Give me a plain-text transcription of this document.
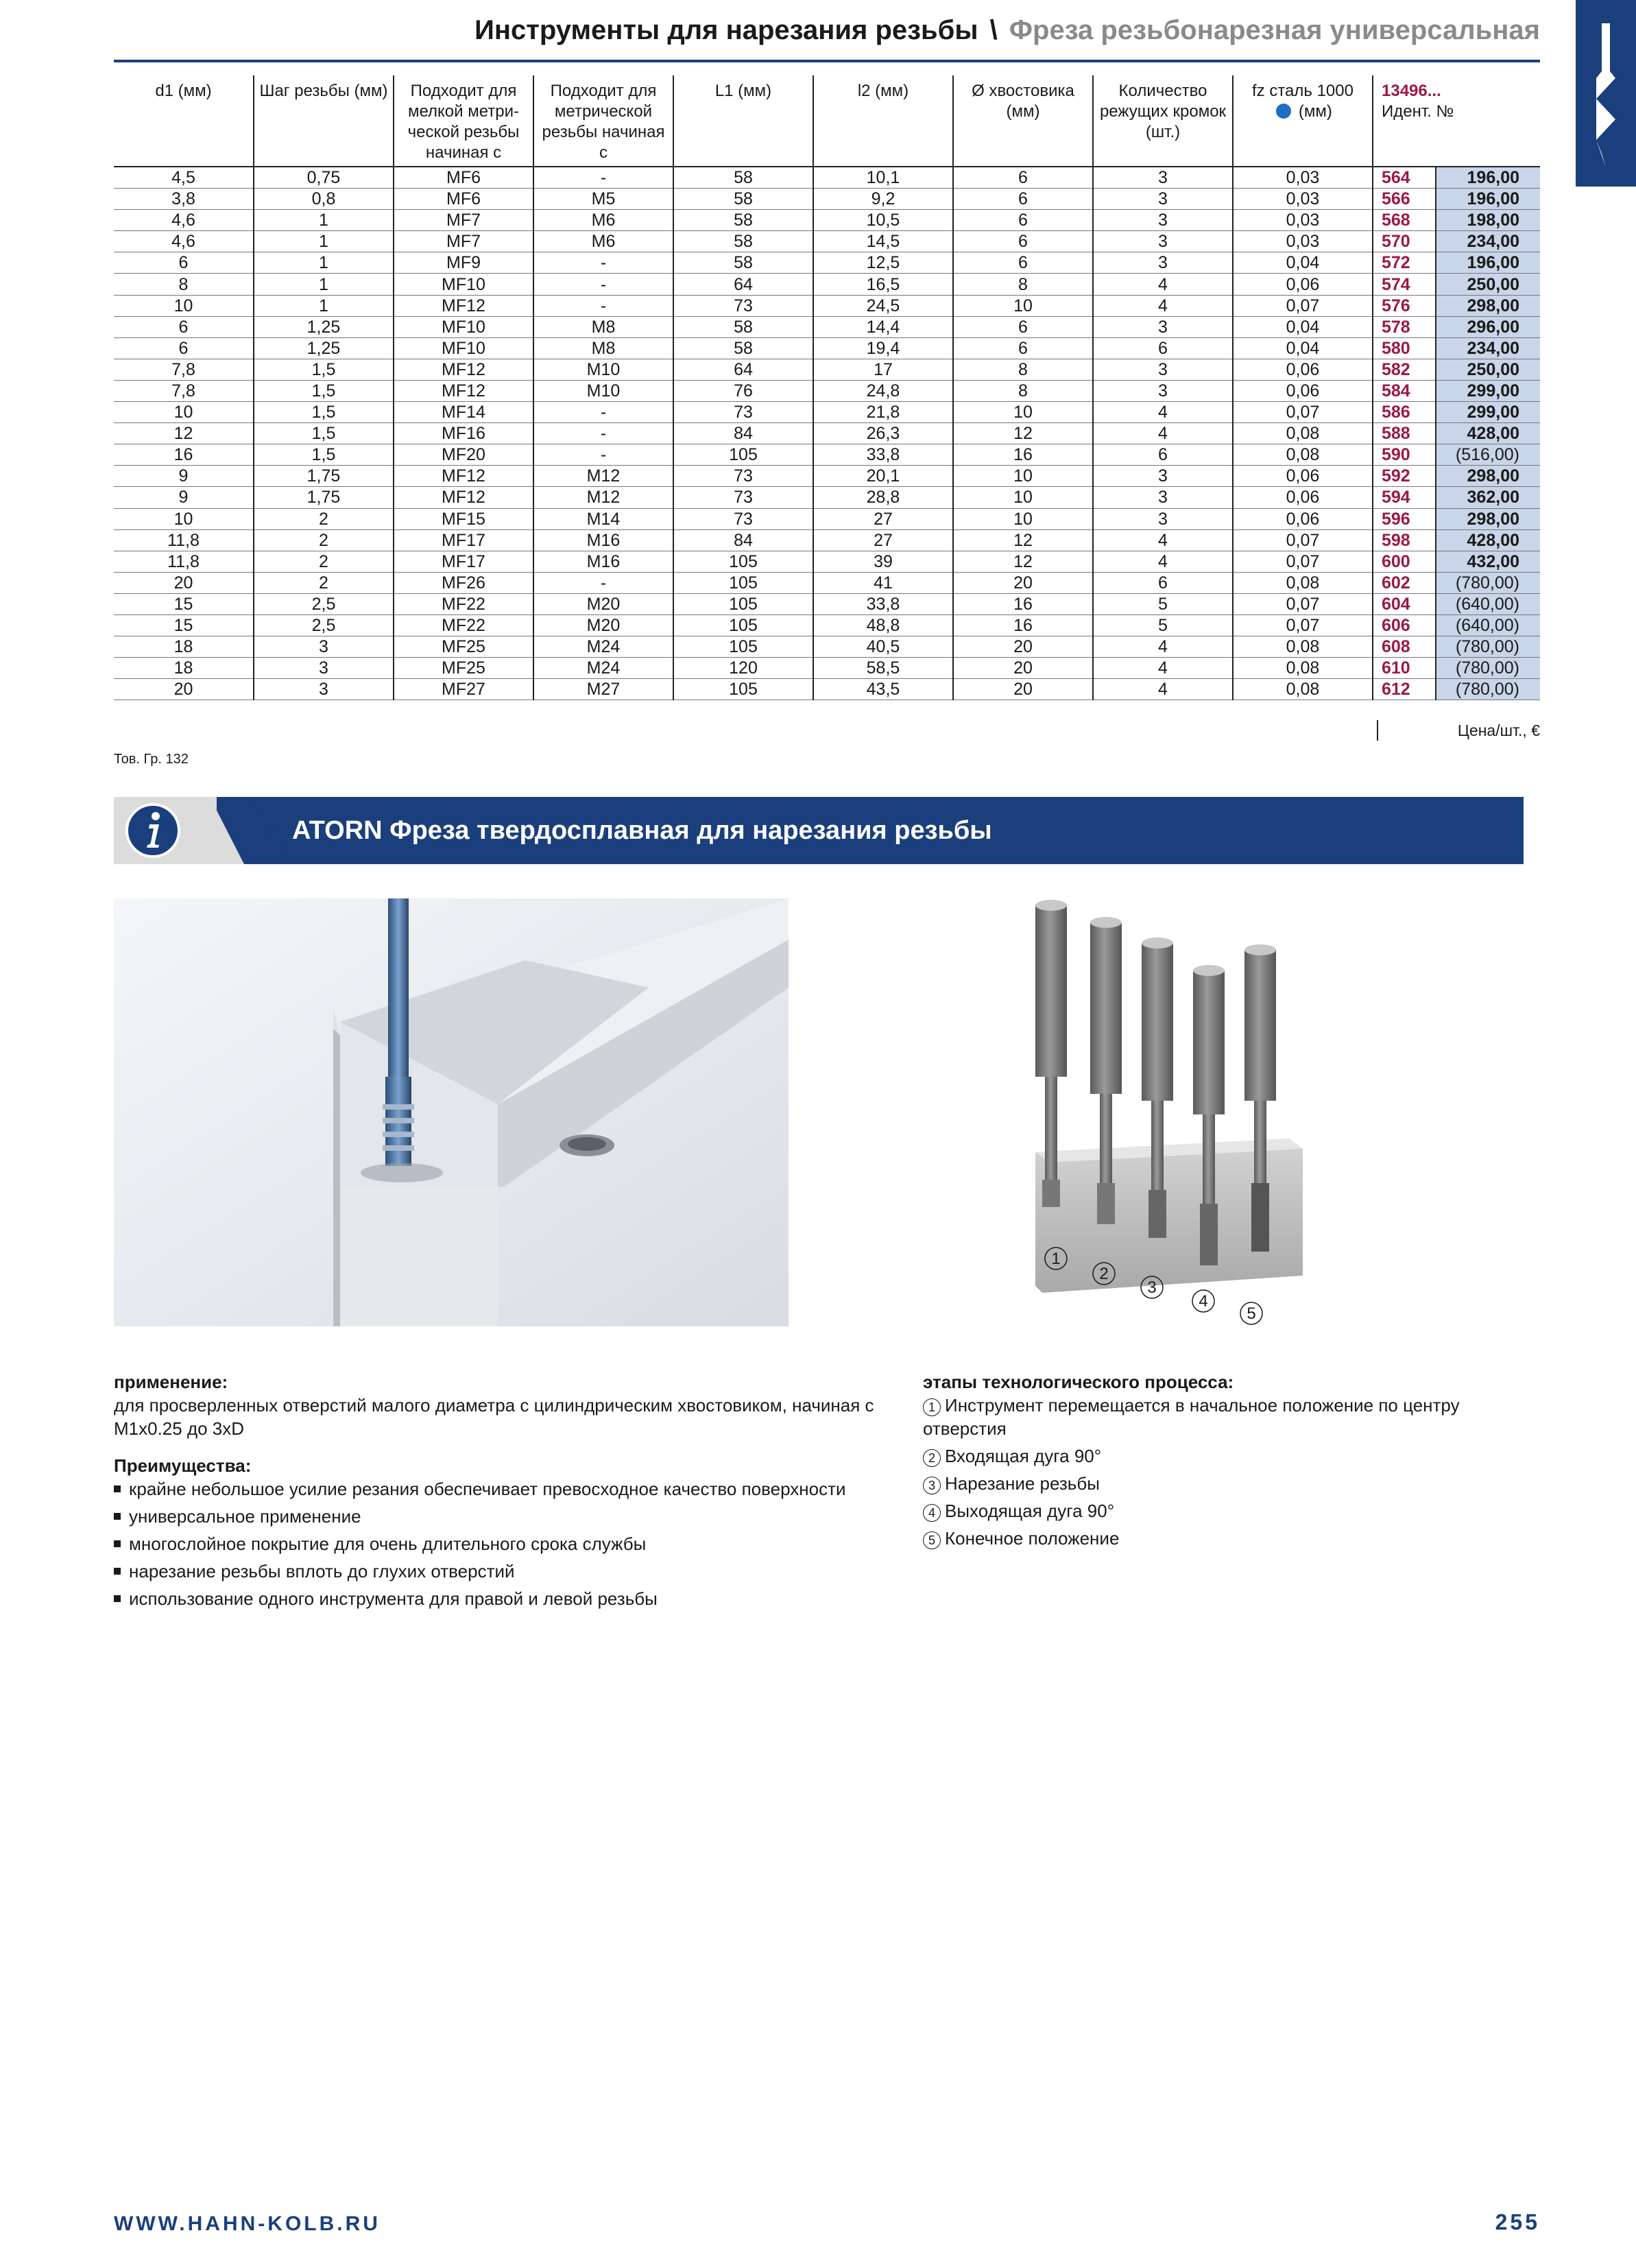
Инструменты для нарезания резьбы \ Фреза резьбонарезная универсальная
d1 (мм)	Шаг резьбы (мм)	Подходит для мелкой метри-ческой резьбы начиная с	Подходит для метрической резьбы начиная с	L1 (мм)	l2 (мм)	Ø хвостовика (мм)	Количество режущих кромок (шт.)	fz сталь 1000
(мм)	13496...
Идент. №	
4,5	0,75	MF6	-	58	10,1	6	3	0,03	564	196,00
3,8	0,8	MF6	M5	58	9,2	6	3	0,03	566	196,00
4,6	1	MF7	M6	58	10,5	6	3	0,03	568	198,00
4,6	1	MF7	M6	58	14,5	6	3	0,03	570	234,00
6	1	MF9	-	58	12,5	6	3	0,04	572	196,00
8	1	MF10	-	64	16,5	8	4	0,06	574	250,00
10	1	MF12	-	73	24,5	10	4	0,07	576	298,00
6	1,25	MF10	M8	58	14,4	6	3	0,04	578	296,00
6	1,25	MF10	M8	58	19,4	6	6	0,04	580	234,00
7,8	1,5	MF12	M10	64	17	8	3	0,06	582	250,00
7,8	1,5	MF12	M10	76	24,8	8	3	0,06	584	299,00
10	1,5	MF14	-	73	21,8	10	4	0,07	586	299,00
12	1,5	MF16	-	84	26,3	12	4	0,08	588	428,00
16	1,5	MF20	-	105	33,8	16	6	0,08	590	(516,00)
9	1,75	MF12	M12	73	20,1	10	3	0,06	592	298,00
9	1,75	MF12	M12	73	28,8	10	3	0,06	594	362,00
10	2	MF15	M14	73	27	10	3	0,06	596	298,00
11,8	2	MF17	M16	84	27	12	4	0,07	598	428,00
11,8	2	MF17	M16	105	39	12	4	0,07	600	432,00
20	2	MF26	-	105	41	20	6	0,08	602	(780,00)
15	2,5	MF22	M20	105	33,8	16	5	0,07	604	(640,00)
15	2,5	MF22	M20	105	48,8	16	5	0,07	606	(640,00)
18	3	MF25	M24	105	40,5	20	4	0,08	608	(780,00)
18	3	MF25	M24	120	58,5	20	4	0,08	610	(780,00)
20	3	MF27	M27	105	43,5	20	4	0,08	612	(780,00)
Цена/шт., €
Тов. Гр. 132
ATORN Фреза твердосплавная для нарезания резьбы
1
2
3
4
5
применение:
для просверленных отверстий малого диаметра с цилиндрическим хвостовиком, начиная с M1x0.25 до 3xD
Преимущества:
крайне небольшое усилие резания обеспечивает превосходное качество поверхности
универсальное применение
многослойное покрытие для очень длительного срока службы
нарезание резьбы вплоть до глухих отверстий
использование одного инструмента для правой и левой резьбы
этапы технологического процесса:
1 Инструмент перемещается в начальное положение по центру отверстия
2 Входящая дуга 90°
3 Нарезание резьбы
4 Выходящая дуга 90°
5 Конечное положение
WWW.HAHN-KOLB.RU	255
